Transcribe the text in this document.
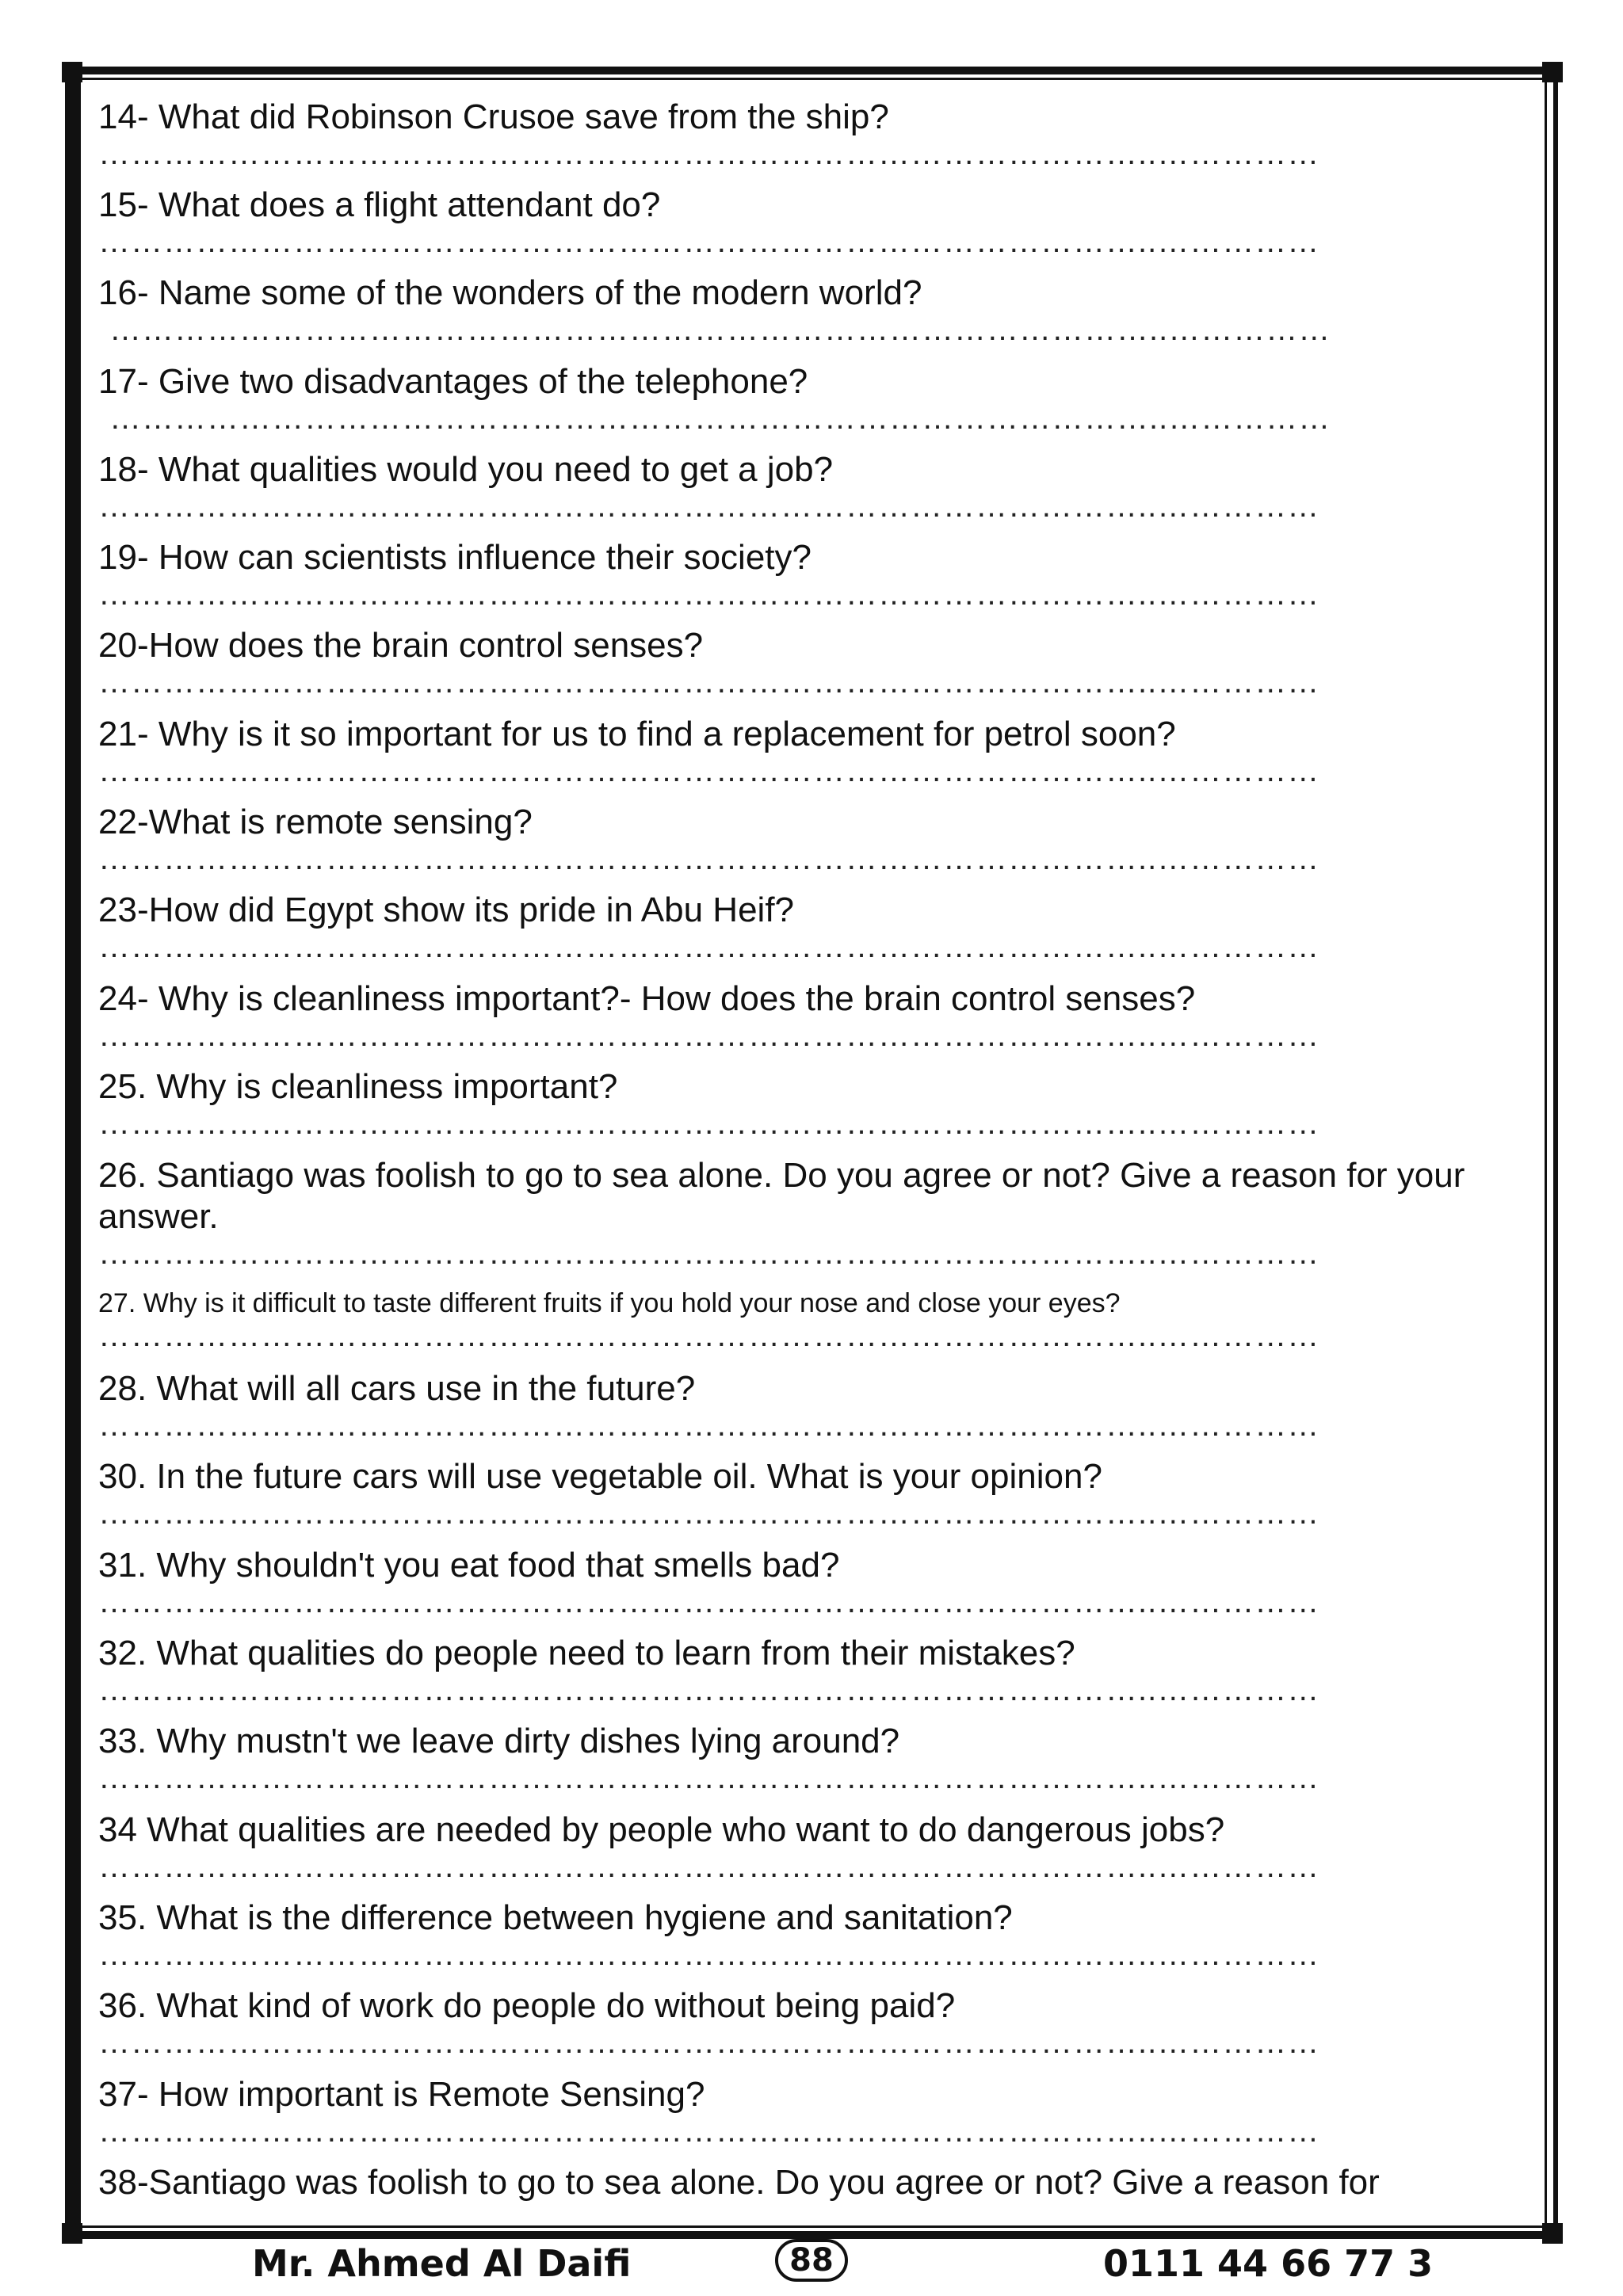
14- What did Robinson Crusoe save from the ship?
……………………………………………………………………………………..……………
15- What does a flight attendant do?
……………………………………………………………………………………..……………
16- Name some of the wonders of the modern world?
……………………………………………………………………………………..……………
17- Give two disadvantages of the telephone?
……………………………………………………………………………………..……………
18- What qualities would you need to get a job?
……………………………………………………………………………………..……………
19- How can scientists influence their society?
……………………………………………………………………………………..……………
20-How does the brain control senses?
……………………………………………………………………………………..……………
21- Why is it so important for us to find a replacement for petrol soon?
……………………………………………………………………………………..……………
22-What is remote sensing?
……………………………………………………………………………………..……………
23-How did Egypt show its pride in Abu Heif?
……………………………………………………………………………………..……………
24- Why is cleanliness important?- How does the brain control senses?
……………………………………………………………………………………..……………
25. Why is cleanliness important?
……………………………………………………………………………………..……………
26. Santiago was foolish to go to sea alone. Do you agree or not? Give a reason for your answer.
……………………………………………………………………………………..……………
27. Why is it difficult to taste different fruits if you hold your nose and close your eyes?
……………………………………………………………………………………..……………
28. What will all cars use in the future?
……………………………………………………………………………………..……………
30. In the future cars will use vegetable oil. What is your opinion?
……………………………………………………………………………………..……………
31. Why shouldn't you eat food that smells bad?
……………………………………………………………………………………..……………
32. What qualities do people need to learn from their mistakes?
……………………………………………………………………………………..……………
33. Why mustn't we leave dirty dishes lying around?
……………………………………………………………………………………..……………
34 What qualities are needed by people who want to do dangerous jobs?
……………………………………………………………………………………..……………
35. What is the difference between hygiene and sanitation?
……………………………………………………………………………………..……………
36. What kind of work do people do without being paid?
……………………………………………………………………………………..……………
37- How important is Remote Sensing?
……………………………………………………………………………………..……………
38-Santiago was foolish to go to sea alone. Do you agree or not? Give a reason for
Mr. Ahmed Al Daifi	88	0111 44 66 77 3
